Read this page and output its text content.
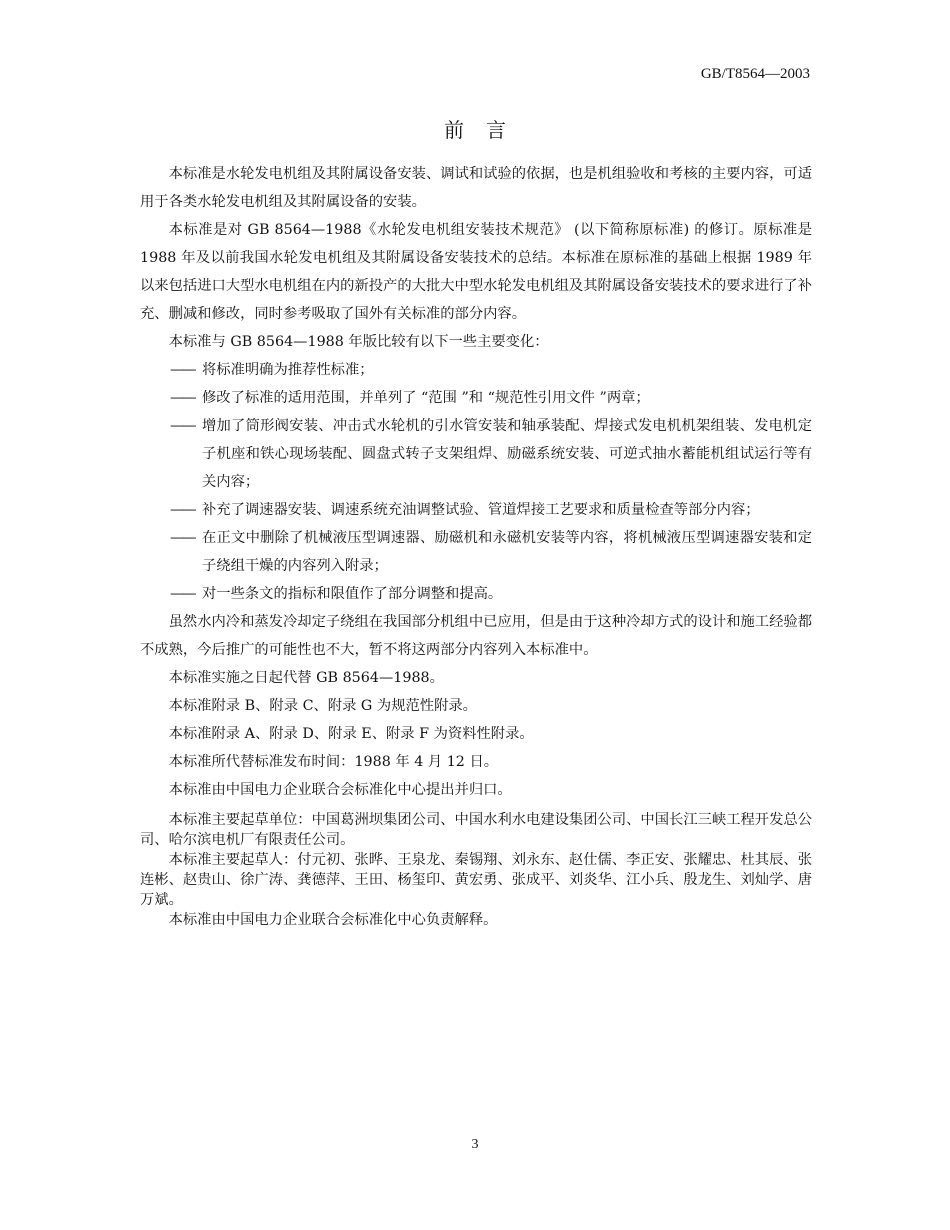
GB/T8564—2003
前言

本标准是水轮发电机组及其附属设备安装、调试和试验的依据，也是机组验收和考核的主要内容，可适用于各类水轮发电机组及其附属设备的安装。

本标准是对 GB 8564—1988《水轮发电机组安装技术规范》 (以下简称原标准) 的修订。原标准是 1988 年及以前我国水轮发电机组及其附属设备安装技术的总结。本标准在原标准的基础上根据 1989 年以来包括进口大型水电机组在内的新投产的大批大中型水轮发电机组及其附属设备安装技术的要求进行了补充、删减和修改，同时参考吸取了国外有关标准的部分内容。

本标准与 GB 8564—1988 年版比较有以下一些主要变化：

—— 将标准明确为推荐性标准；
—— 修改了标准的适用范围，并单列了 “范围 ”和 “规范性引用文件 ”两章；
—— 增加了筒形阀安装、冲击式水轮机的引水管安装和轴承装配、焊接式发电机机架组装、发电机定子机座和铁心现场装配、圆盘式转子支架组焊、励磁系统安装、可逆式抽水蓄能机组试运行等有关内容；
—— 补充了调速器安装、调速系统充油调整试验、管道焊接工艺要求和质量检查等部分内容；
—— 在正文中删除了机械液压型调速器、励磁机和永磁机安装等内容，将机械液压型调速器安装和定子绕组干燥的内容列入附录；
—— 对一些条文的指标和限值作了部分调整和提高。

虽然水内冷和蒸发冷却定子绕组在我国部分机组中已应用，但是由于这种冷却方式的设计和施工经验都不成熟，今后推广的可能性也不大，暂不将这两部分内容列入本标准中。

本标准实施之日起代替 GB 8564—1988。

本标准附录 B、附录 C、附录 G 为规范性附录。

本标准附录 A、附录 D、附录 E、附录 F 为资料性附录。

本标准所代替标准发布时间：1988 年 4 月 12 日。

本标准由中国电力企业联合会标准化中心提出并归口。

本标准主要起草单位：中国葛洲坝集团公司、中国水利水电建设集团公司、中国长江三峡工程开发总公司、哈尔滨电机厂有限责任公司。

本标准主要起草人：付元初、张晔、王泉龙、秦锡翔、刘永东、赵仕儒、李正安、张耀忠、杜其辰、张连彬、赵贵山、徐广涛、龚德萍、王田、杨玺印、黄宏勇、张成平、刘炎华、江小兵、殷龙生、刘灿学、唐万斌。

本标准由中国电力企业联合会标准化中心负责解释。

3
